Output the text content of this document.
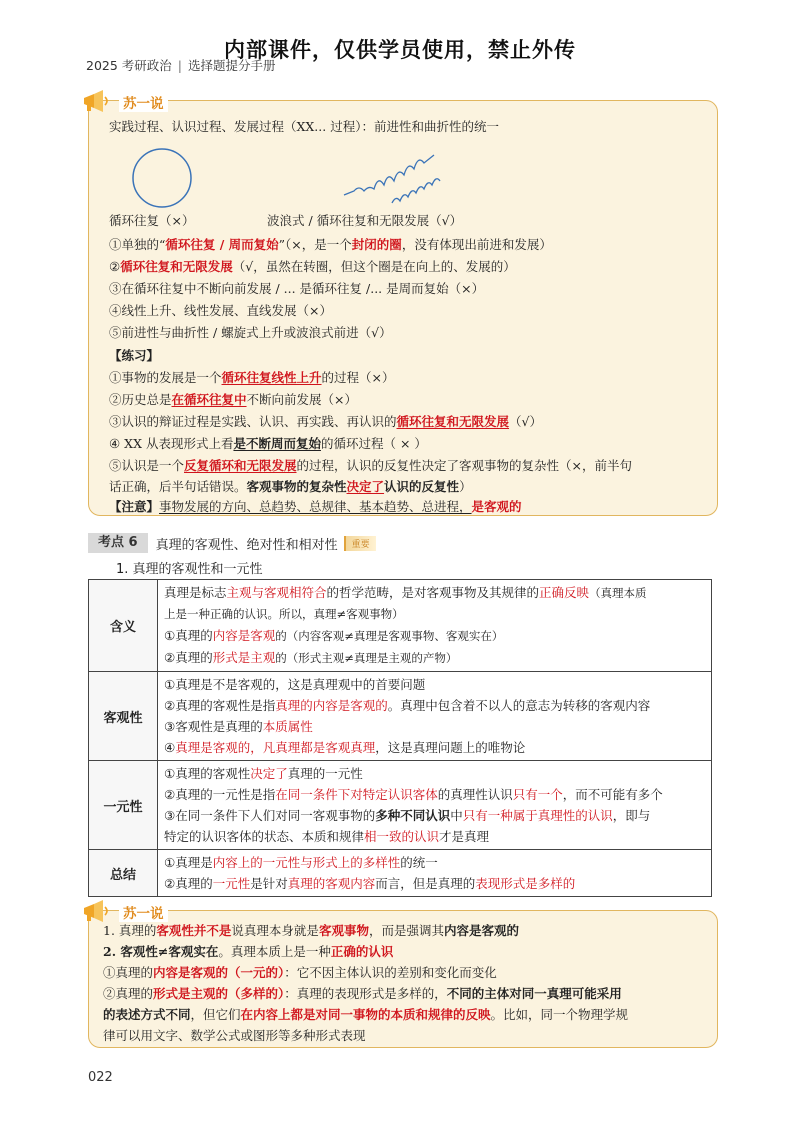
内部课件，仅供学员使用，禁止外传
2025 考研政治 | 选择题提分手册
苏一说
实践过程、认识过程、发展过程（XX... 过程）：前进性和曲折性的统一
循环往复（×）	波浪式 / 循环往复和无限发展（√）
①单独的“循环往复 / 周而复始”（×，是一个封闭的圈，没有体现出前进和发展）
②循环往复和无限发展（√，虽然在转圈，但这个圈是在向上的、发展的）
③在循环往复中不断向前发展 / ... 是循环往复 /... 是周而复始（×）
④线性上升、线性发展、直线发展（×）
⑤前进性与曲折性 / 螺旋式上升或波浪式前进（√）
【练习】
①事物的发展是一个循环往复线性上升的过程（×）
②历史总是在循环往复中不断向前发展（×）
③认识的辩证过程是实践、认识、再实践、再认识的循环往复和无限发展（√）
④ XX 从表现形式上看是不断周而复始的循环过程（ × ）
⑤认识是一个反复循环和无限发展的过程，认识的反复性决定了客观事物的复杂性（×，前半句
话正确，后半句话错误。客观事物的复杂性决定了认识的反复性）
【注意】事物发展的方向、总趋势、总规律、基本趋势、总进程，是客观的
考点 6	真理的客观性、绝对性和相对性	重要
1. 真理的客观性和一元性
含义	真理是标志主观与客观相符合的哲学范畴，是对客观事物及其规律的正确反映（真理本质
上是一种正确的认识。所以，真理≠客观事物）
①真理的内容是客观的（内容客观≠真理是客观事物、客观实在）
②真理的形式是主观的（形式主观≠真理是主观的产物）

客观性	①真理是不是客观的，这是真理观中的首要问题
②真理的客观性是指真理的内容是客观的。真理中包含着不以人的意志为转移的客观内容
③客观性是真理的本质属性
④真理是客观的，凡真理都是客观真理，这是真理问题上的唯物论

一元性	①真理的客观性决定了真理的一元性
②真理的一元性是指在同一条件下对特定认识客体的真理性认识只有一个，而不可能有多个
③在同一条件下人们对同一客观事物的多种不同认识中只有一种属于真理性的认识，即与
特定的认识客体的状态、本质和规律相一致的认识才是真理

总结	①真理是内容上的一元性与形式上的多样性的统一
②真理的一元性是针对真理的客观内容而言，但是真理的表现形式是多样的
苏一说
1. 真理的客观性并不是说真理本身就是客观事物，而是强调其内容是客观的
2. 客观性≠客观实在。真理本质上是一种正确的认识
①真理的内容是客观的（一元的）：它不因主体认识的差别和变化而变化
②真理的形式是主观的（多样的）：真理的表现形式是多样的，不同的主体对同一真理可能采用
的表述方式不同，但它们在内容上都是对同一事物的本质和规律的反映。比如，同一个物理学规
律可以用文字、数学公式或图形等多种形式表现
022
